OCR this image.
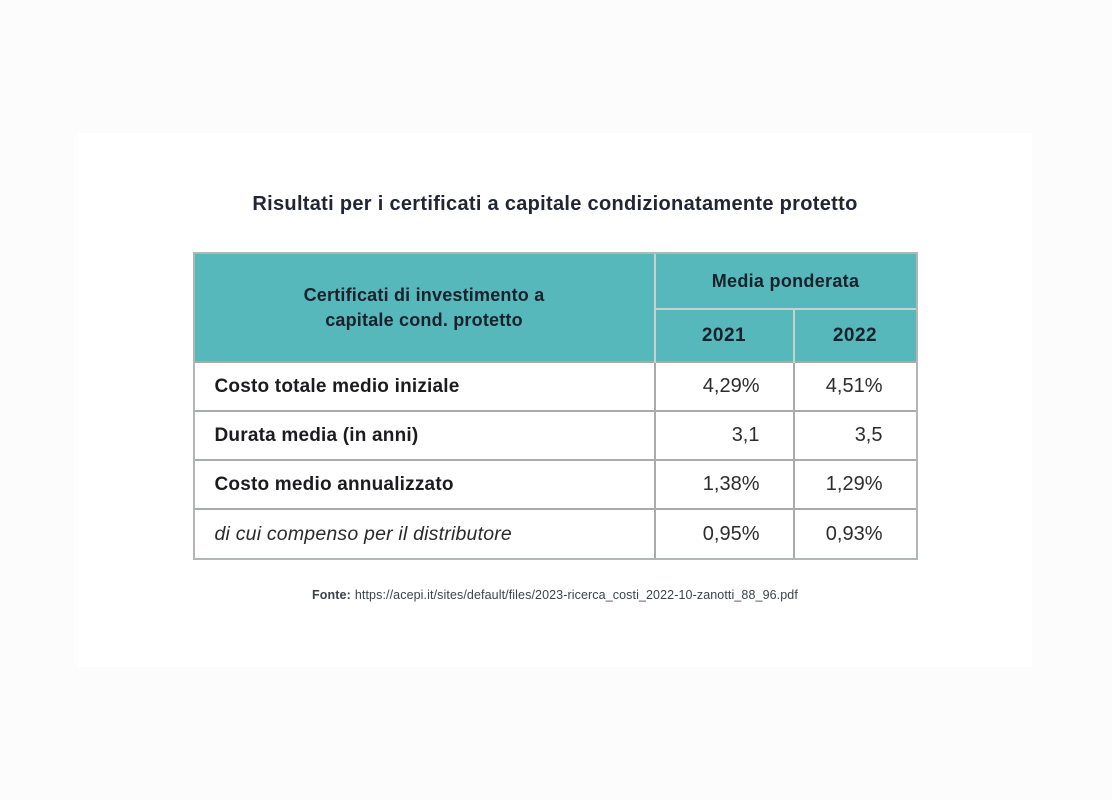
Risultati per i certificati a capitale condizionatamente protetto
Certificati di investimento a
capitale cond. protetto	Media ponderata	
	2021	2022
Costo totale medio iniziale	4,29%	4,51%
Durata media (in anni)	3,1	3,5
Costo medio annualizzato	1,38%	1,29%
di cui compenso per il distributore	0,95%	0,93%
Fonte: https://acepi.it/sites/default/files/2023-ricerca_costi_2022-10-zanotti_88_96.pdf
